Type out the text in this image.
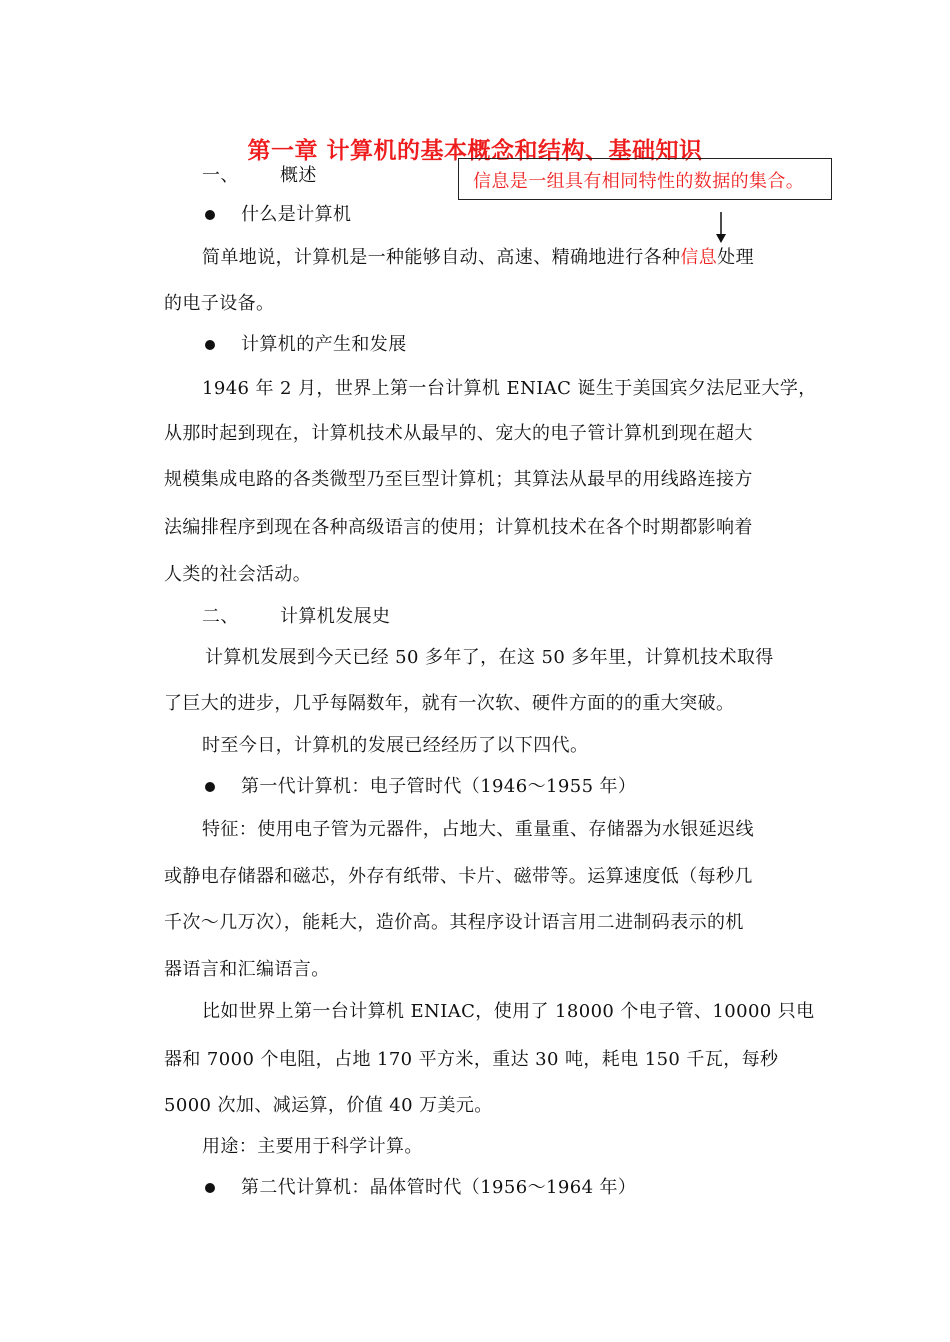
第一章 计算机的基本概念和结构、基础知识
一、 概述	信息是一组具有相同特性的数据的集合。
什么是计算机
简单地说，计算机是一种能够自动、高速、精确地进行各种信息处理
的电子设备。
计算机的产生和发展
1946 年 2 月，世界上第一台计算机 ENIAC 诞生于美国宾夕法尼亚大学，
从那时起到现在，计算机技术从最早的、宠大的电子管计算机到现在超大
规模集成电路的各类微型乃至巨型计算机；其算法从最早的用线路连接方
法编排程序到现在各种高级语言的使用；计算机技术在各个时期都影响着
人类的社会活动。
二、 计算机发展史
计算机发展到今天已经 50 多年了，在这 50 多年里，计算机技术取得
了巨大的进步，几乎每隔数年，就有一次软、硬件方面的的重大突破。
时至今日，计算机的发展已经经历了以下四代。
第一代计算机：电子管时代（1946～1955 年）
特征：使用电子管为元器件，占地大、重量重、存储器为水银延迟线
或静电存储器和磁芯，外存有纸带、卡片、磁带等。运算速度低（每秒几
千次～几万次），能耗大，造价高。其程序设计语言用二进制码表示的机
器语言和汇编语言。
比如世界上第一台计算机 ENIAC，使用了 18000 个电子管、10000 只电
器和 7000 个电阻，占地 170 平方米，重达 30 吨，耗电 150 千瓦，每秒
5000 次加、减运算，价值 40 万美元。
用途：主要用于科学计算。
第二代计算机：晶体管时代（1956～1964 年）
